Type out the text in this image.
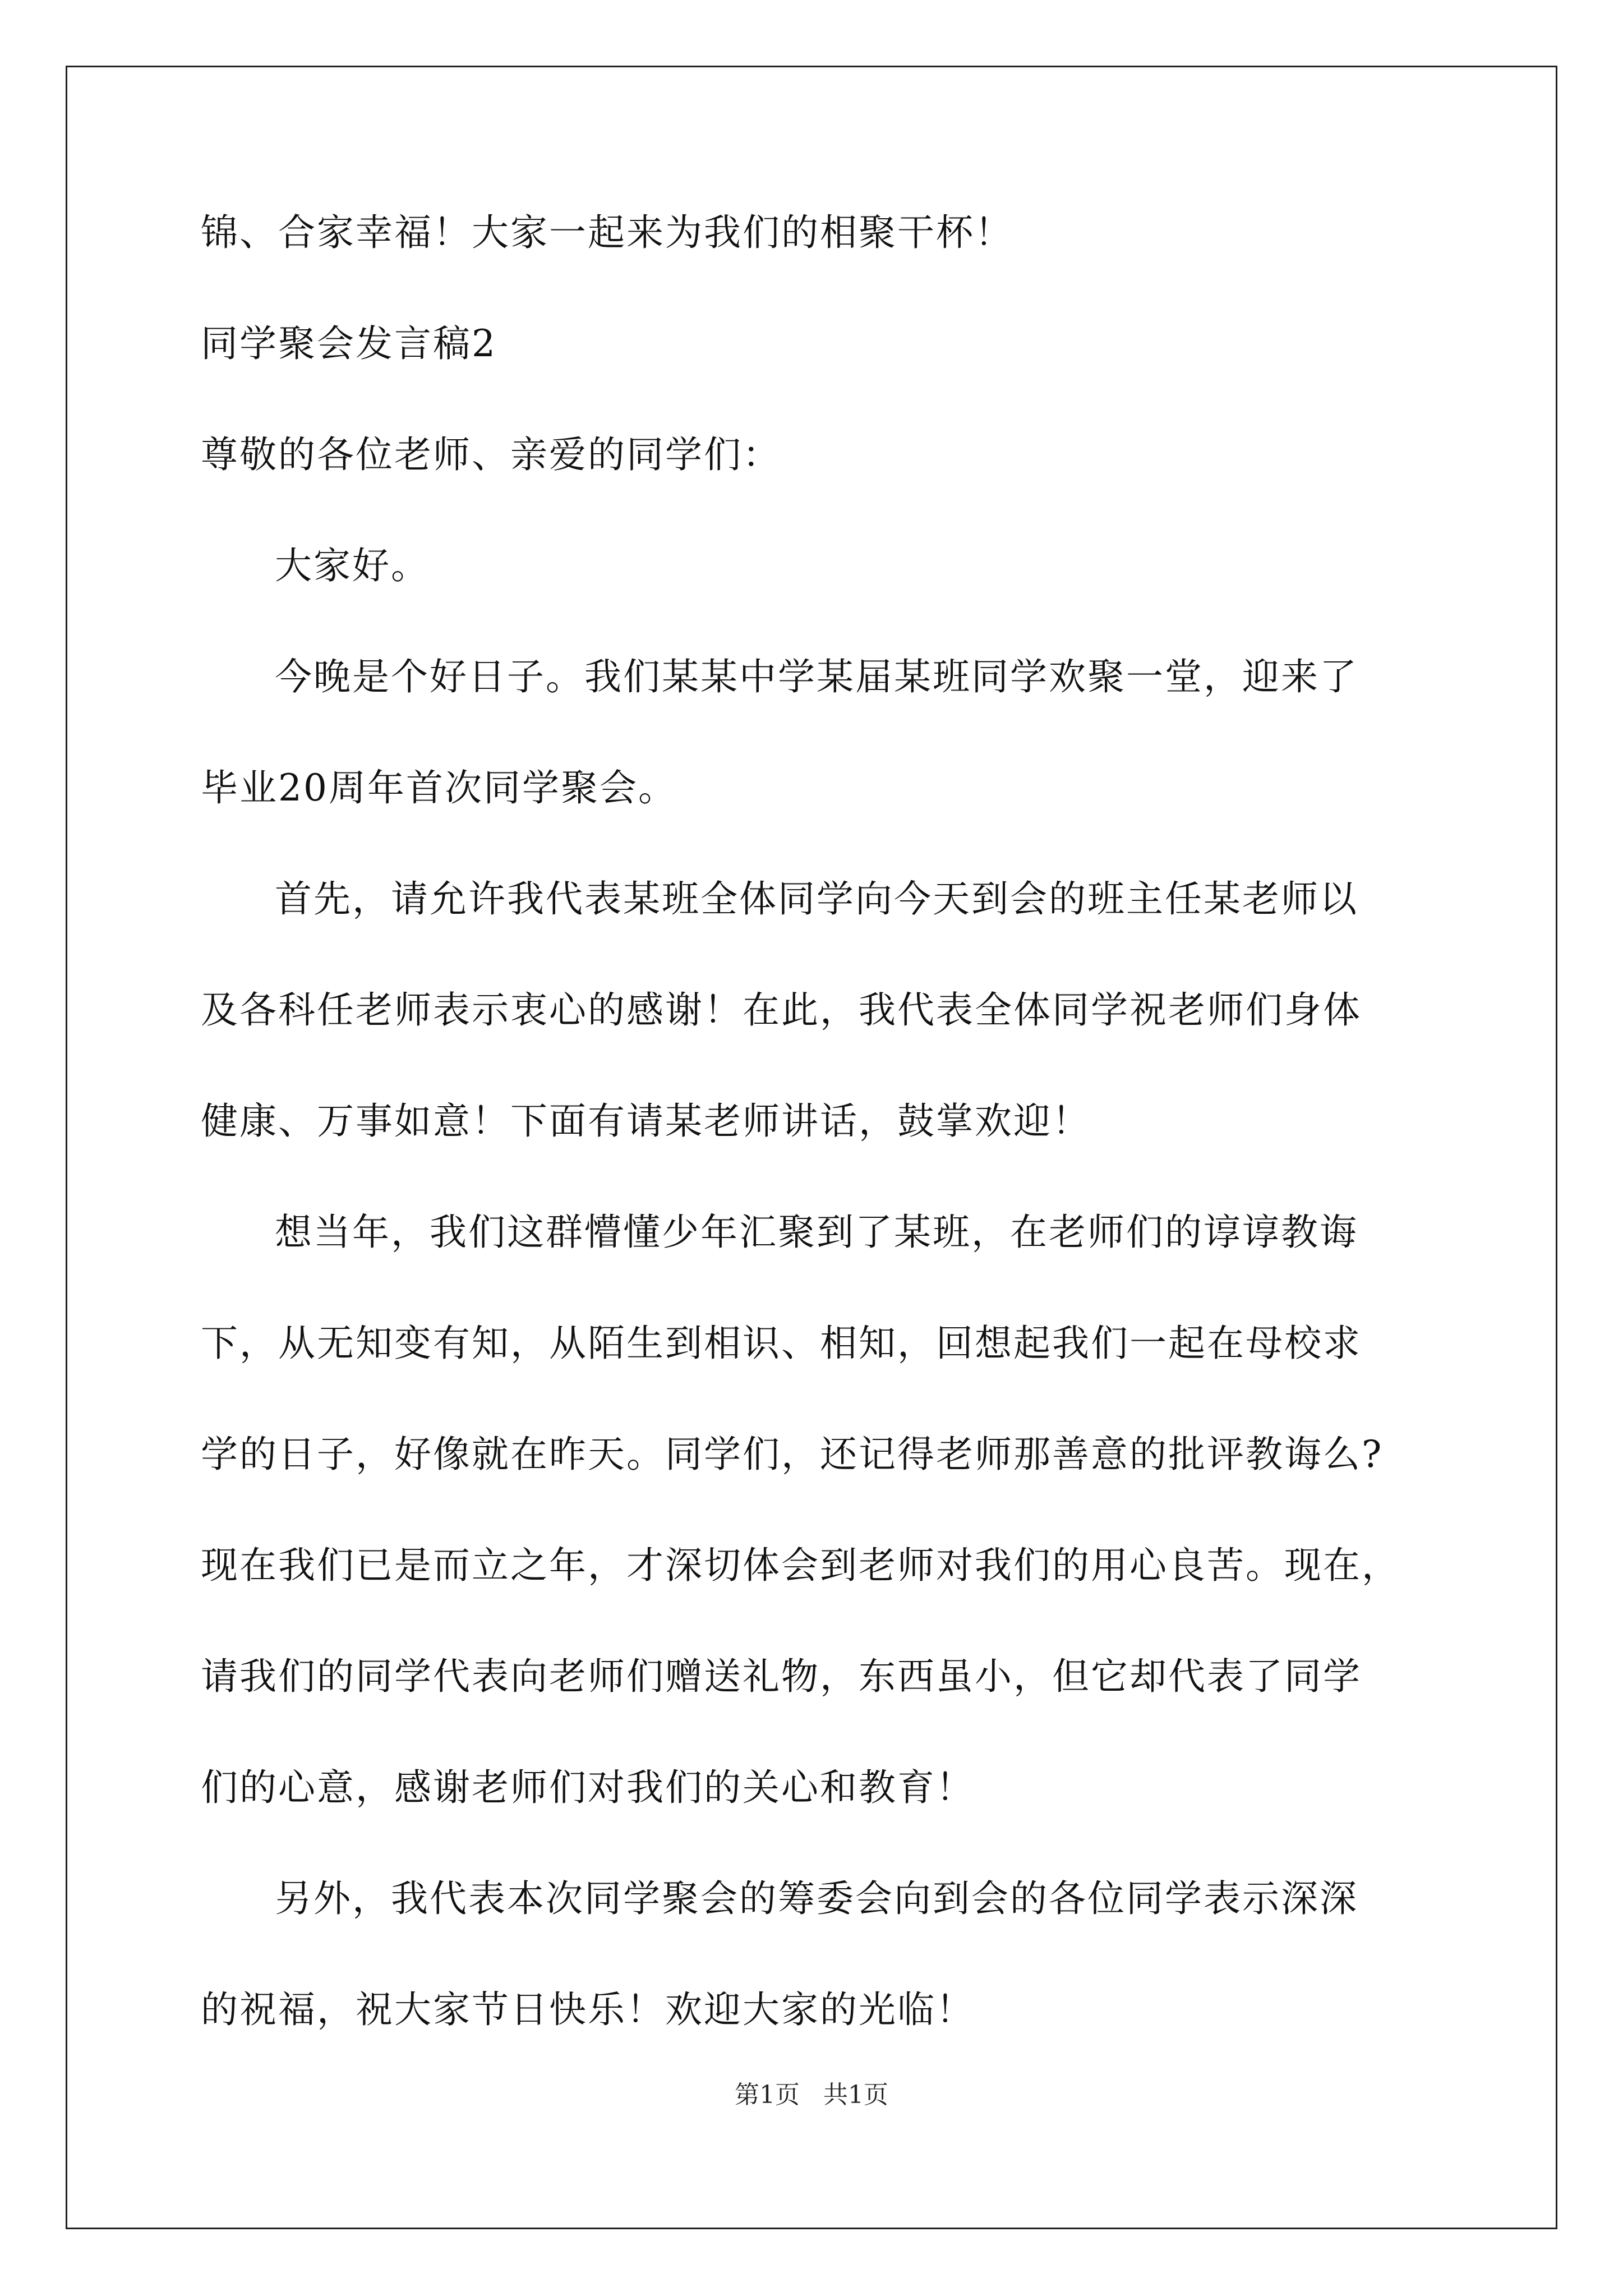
锦、合家幸福！大家一起来为我们的相聚干杯！
同学聚会发言稿2
尊敬的各位老师、亲爱的同学们：
大家好。
今晚是个好日子。我们某某中学某届某班同学欢聚一堂，迎来了
毕业20周年首次同学聚会。
首先，请允许我代表某班全体同学向今天到会的班主任某老师以
及各科任老师表示衷心的感谢！在此，我代表全体同学祝老师们身体
健康、万事如意！下面有请某老师讲话，鼓掌欢迎！
想当年，我们这群懵懂少年汇聚到了某班，在老师们的谆谆教诲
下，从无知变有知，从陌生到相识、相知，回想起我们一起在母校求
学的日子，好像就在昨天。同学们，还记得老师那善意的批评教诲么?
现在我们已是而立之年，才深切体会到老师对我们的用心良苦。现在，
请我们的同学代表向老师们赠送礼物，东西虽小，但它却代表了同学
们的心意，感谢老师们对我们的关心和教育！
另外，我代表本次同学聚会的筹委会向到会的各位同学表示深深
的祝福，祝大家节日快乐！欢迎大家的光临！
第1页   共1页
